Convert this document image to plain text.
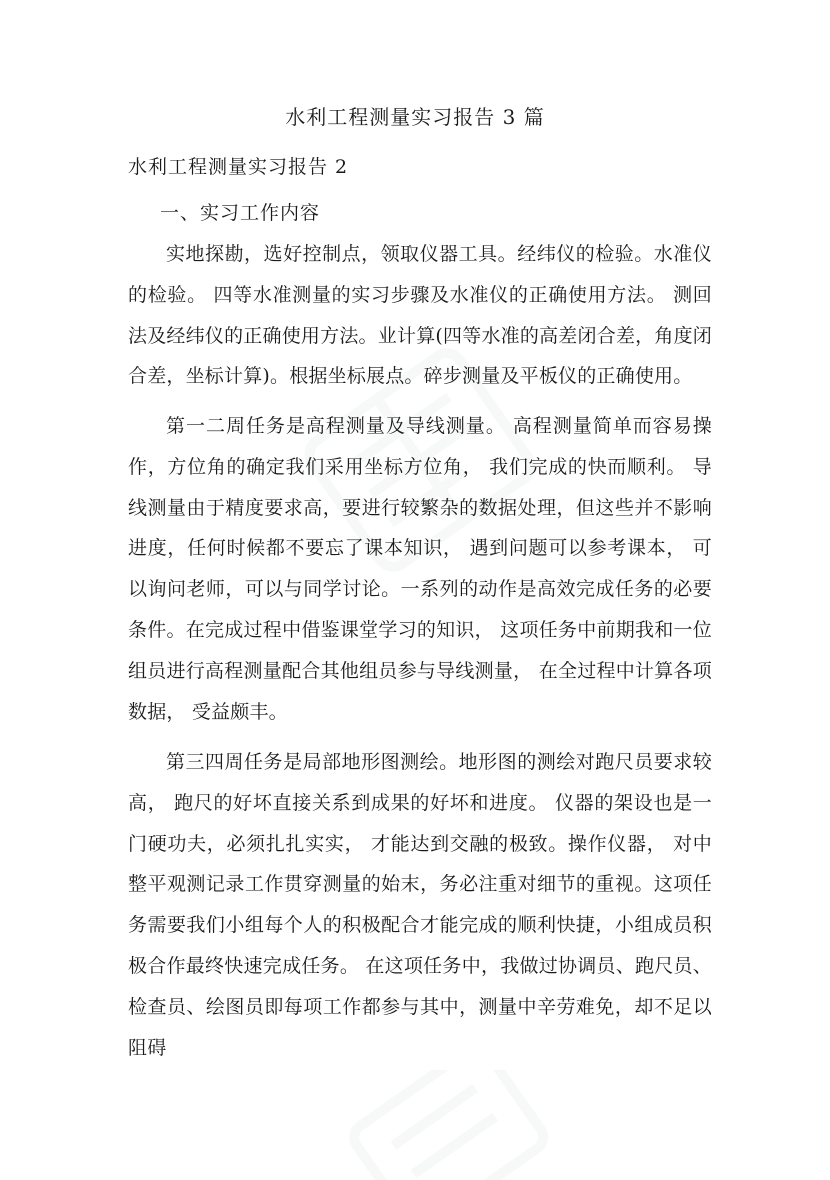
水利工程测量实习报告 3 篇

水利工程测量实习报告 2

一、实习工作内容

实地探勘，选好控制点，领取仪器工具。经纬仪的检验。水准仪的检验。 四等水准测量的实习步骤及水准仪的正确使用方法。 测回法及经纬仪的正确使用方法。业计算(四等水准的高差闭合差，角度闭合差，坐标计算)。根据坐标展点。碎步测量及平板仪的正确使用。

第一二周任务是高程测量及导线测量。 高程测量简单而容易操作，方位角的确定我们采用坐标方位角， 我们完成的快而顺利。 导线测量由于精度要求高，要进行较繁杂的数据处理，但这些并不影响进度，任何时候都不要忘了课本知识， 遇到问题可以参考课本， 可以询问老师，可以与同学讨论。一系列的动作是高效完成任务的必要条件。在完成过程中借鉴课堂学习的知识， 这项任务中前期我和一位组员进行高程测量配合其他组员参与导线测量， 在全过程中计算各项数据， 受益颇丰。

第三四周任务是局部地形图测绘。地形图的测绘对跑尺员要求较高， 跑尺的好坏直接关系到成果的好坏和进度。 仪器的架设也是一门硬功夫，必须扎扎实实， 才能达到交融的极致。操作仪器， 对中整平观测记录工作贯穿测量的始末，务必注重对细节的重视。这项任务需要我们小组每个人的积极配合才能完成的顺利快捷，小组成员积极合作最终快速完成任务。 在这项任务中，我做过协调员、跑尺员、检查员、绘图员即每项工作都参与其中，测量中辛劳难免，却不足以阻碍
